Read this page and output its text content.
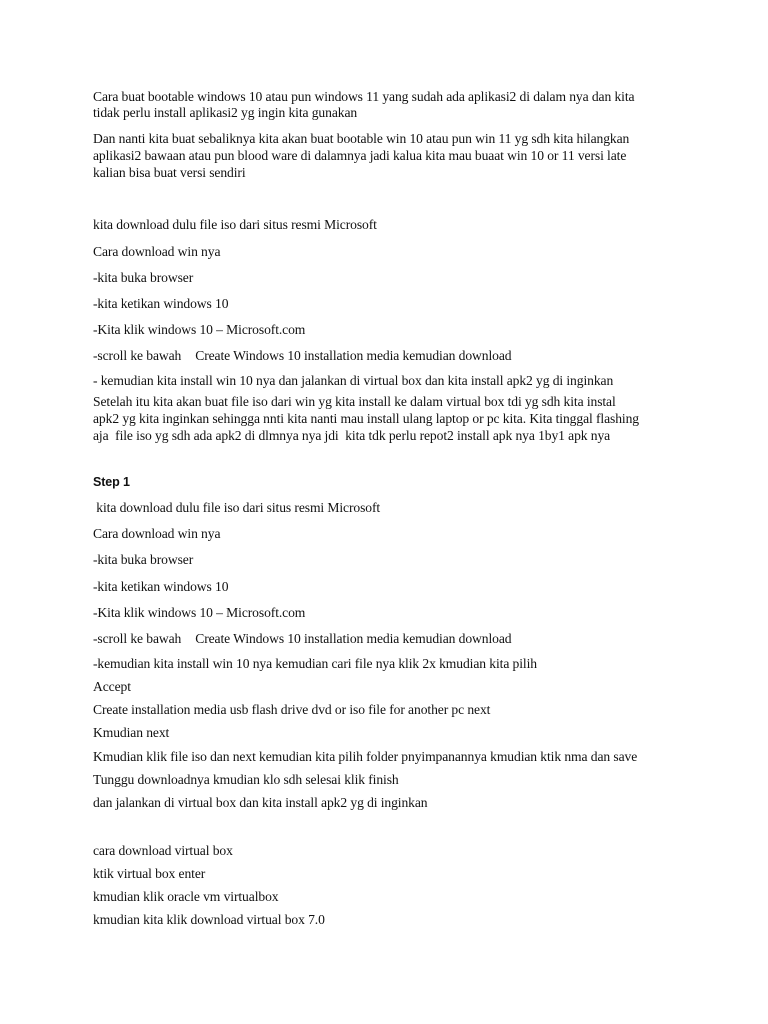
Cara buat bootable windows 10 atau pun windows 11 yang sudah ada aplikasi2 di dalam nya dan kita
tidak perlu install aplikasi2 yg ingin kita gunakan
Dan nanti kita buat sebaliknya kita akan buat bootable win 10 atau pun win 11 yg sdh kita hilangkan
aplikasi2 bawaan atau pun blood ware di dalamnya jadi kalua kita mau buaat win 10 or 11 versi late
kalian bisa buat versi sendiri
kita download dulu file iso dari situs resmi Microsoft
Cara download win nya
-kita buka browser
-kita ketikan windows 10
-Kita klik windows 10 – Microsoft.com
-scroll ke bawah Create Windows 10 installation media kemudian download
- kemudian kita install win 10 nya dan jalankan di virtual box dan kita install apk2 yg di inginkan
Setelah itu kita akan buat file iso dari win yg kita install ke dalam virtual box tdi yg sdh kita instal
apk2 yg kita inginkan sehingga nnti kita nanti mau install ulang laptop or pc kita. Kita tinggal flashing
aja  file iso yg sdh ada apk2 di dlmnya nya jdi  kita tdk perlu repot2 install apk nya 1by1 apk nya
Step 1
kita download dulu file iso dari situs resmi Microsoft
Cara download win nya
-kita buka browser
-kita ketikan windows 10
-Kita klik windows 10 – Microsoft.com
-scroll ke bawah Create Windows 10 installation media kemudian download
-kemudian kita install win 10 nya kemudian cari file nya klik 2x kmudian kita pilih
Accept
Create installation media usb flash drive dvd or iso file for another pc next
Kmudian next
Kmudian klik file iso dan next kemudian kita pilih folder pnyimpanannya kmudian ktik nma dan save
Tunggu downloadnya kmudian klo sdh selesai klik finish
dan jalankan di virtual box dan kita install apk2 yg di inginkan
cara download virtual box
ktik virtual box enter
kmudian klik oracle vm virtualbox
kmudian kita klik download virtual box 7.0
